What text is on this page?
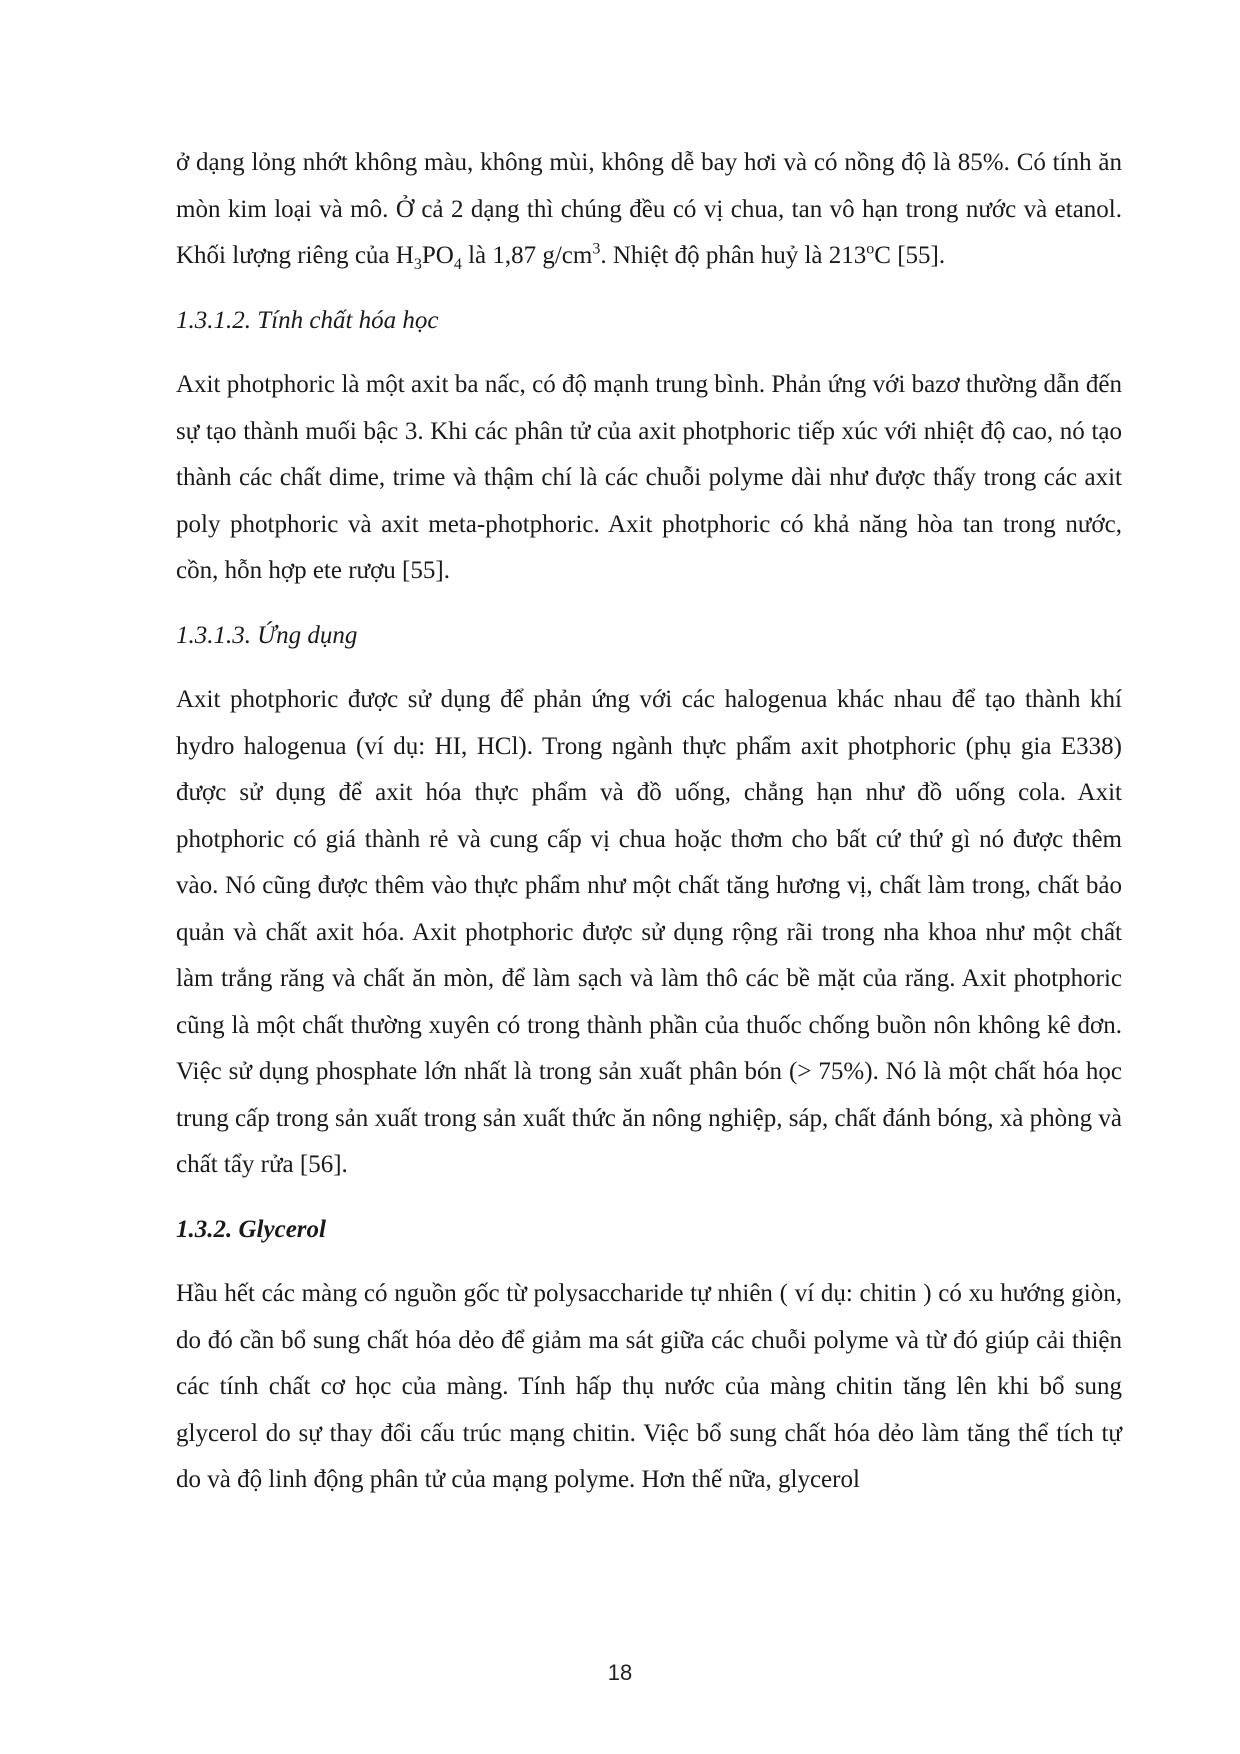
ở dạng lỏng nhớt không màu, không mùi, không dễ bay hơi và có nồng độ là 85%. Có tính ăn mòn kim loại và mô. Ở cả 2 dạng thì chúng đều có vị chua, tan vô hạn trong nước và etanol. Khối lượng riêng của $H_3PO_4$ là 1,87 $g/cm^3$. Nhiệt độ phân huỷ là 213$^o$C [55].

1.3.1.2. Tính chất hóa học

Axit photphoric là một axit ba nấc, có độ mạnh trung bình. Phản ứng với bazơ thường dẫn đến sự tạo thành muối bậc 3. Khi các phân tử của axit photphoric tiếp xúc với nhiệt độ cao, nó tạo thành các chất dime, trime và thậm chí là các chuỗi polyme dài như được thấy trong các axit poly photphoric và axit meta-photphoric. Axit photphoric có khả năng hòa tan trong nước, cồn, hỗn hợp ete rượu [55].

1.3.1.3. Ứng dụng

Axit photphoric được sử dụng để phản ứng với các halogenua khác nhau để tạo thành khí hydro halogenua (ví dụ: HI, HCl). Trong ngành thực phẩm axit photphoric (phụ gia E338) được sử dụng để axit hóa thực phẩm và đồ uống, chẳng hạn như đồ uống cola. Axit photphoric có giá thành rẻ và cung cấp vị chua hoặc thơm cho bất cứ thứ gì nó được thêm vào. Nó cũng được thêm vào thực phẩm như một chất tăng hương vị, chất làm trong, chất bảo quản và chất axit hóa. Axit photphoric được sử dụng rộng rãi trong nha khoa như một chất làm trắng răng và chất ăn mòn, để làm sạch và làm thô các bề mặt của răng. Axit photphoric cũng là một chất thường xuyên có trong thành phần của thuốc chống buồn nôn không kê đơn. Việc sử dụng phosphate lớn nhất là trong sản xuất phân bón (> 75%). Nó là một chất hóa học trung cấp trong sản xuất trong sản xuất thức ăn nông nghiệp, sáp, chất đánh bóng, xà phòng và chất tẩy rửa [56].

1.3.2. Glycerol

Hầu hết các màng có nguồn gốc từ polysaccharide tự nhiên ( ví dụ: chitin ) có xu hướng giòn, do đó cần bổ sung chất hóa dẻo để giảm ma sát giữa các chuỗi polyme và từ đó giúp cải thiện các tính chất cơ học của màng. Tính hấp thụ nước của màng chitin tăng lên khi bổ sung glycerol do sự thay đổi cấu trúc mạng chitin. Việc bổ sung chất hóa dẻo làm tăng thể tích tự do và độ linh động phân tử của mạng polyme. Hơn thế nữa, glycerol

18
